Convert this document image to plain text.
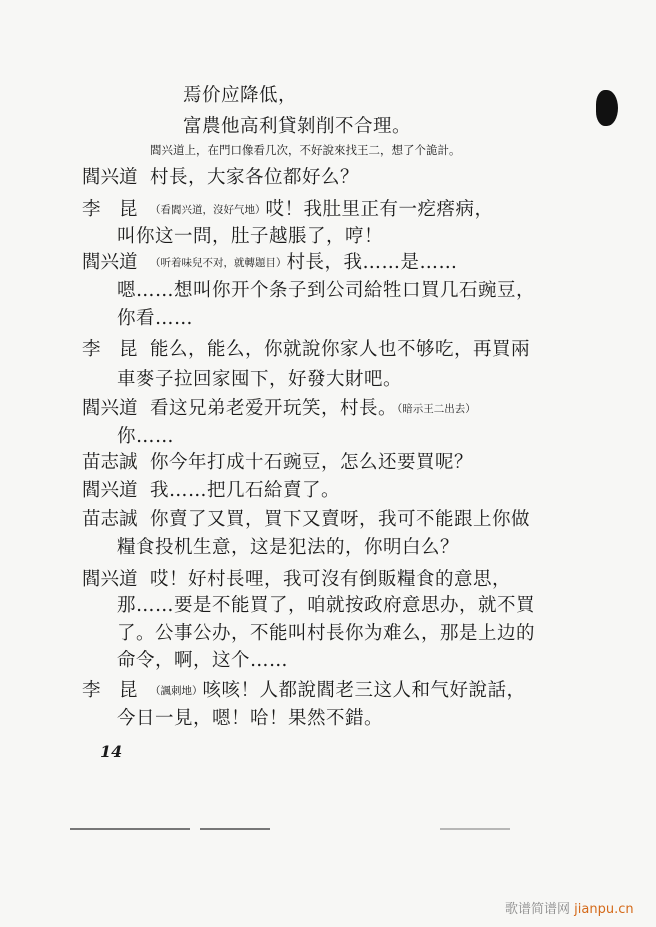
焉价应降低，
富農他高利貸剝削不合理。
閻兴道上，在門口像看几次，不好說來找王二，想了个詭計。
閻兴道 村長，大家各位都好么？
李　昆 （看閻兴道，沒好气地）哎！我肚里正有一疙瘩病，
叫你这一問，肚子越脹了，哼！
閻兴道 （听着味兒不对，就轉題目）村長，我……是……
嗯……想叫你开个条子到公司給牲口買几石豌豆，
你看……
李　昆 能么，能么，你就說你家人也不够吃，再買兩
車麥子拉回家囤下，好發大財吧。
閻兴道 看这兄弟老爱开玩笑，村長。（暗示王二出去）
你……
苗志誠 你今年打成十石豌豆，怎么还要買呢？
閻兴道 我……把几石給賣了。
苗志誠 你賣了又買，買下又賣呀，我可不能跟上你做
糧食投机生意，这是犯法的，你明白么？
閻兴道 哎！好村長哩，我可沒有倒販糧食的意思，
那……要是不能買了，咱就按政府意思办，就不買
了。公事公办，不能叫村長你为难么，那是上边的
命令，啊，这个……
李　昆 （諷刺地）咳咳！人都說閻老三这人和气好說話，
今日一見，嗯！哈！果然不錯。
14
歌谱简谱网 jianpu.cn
